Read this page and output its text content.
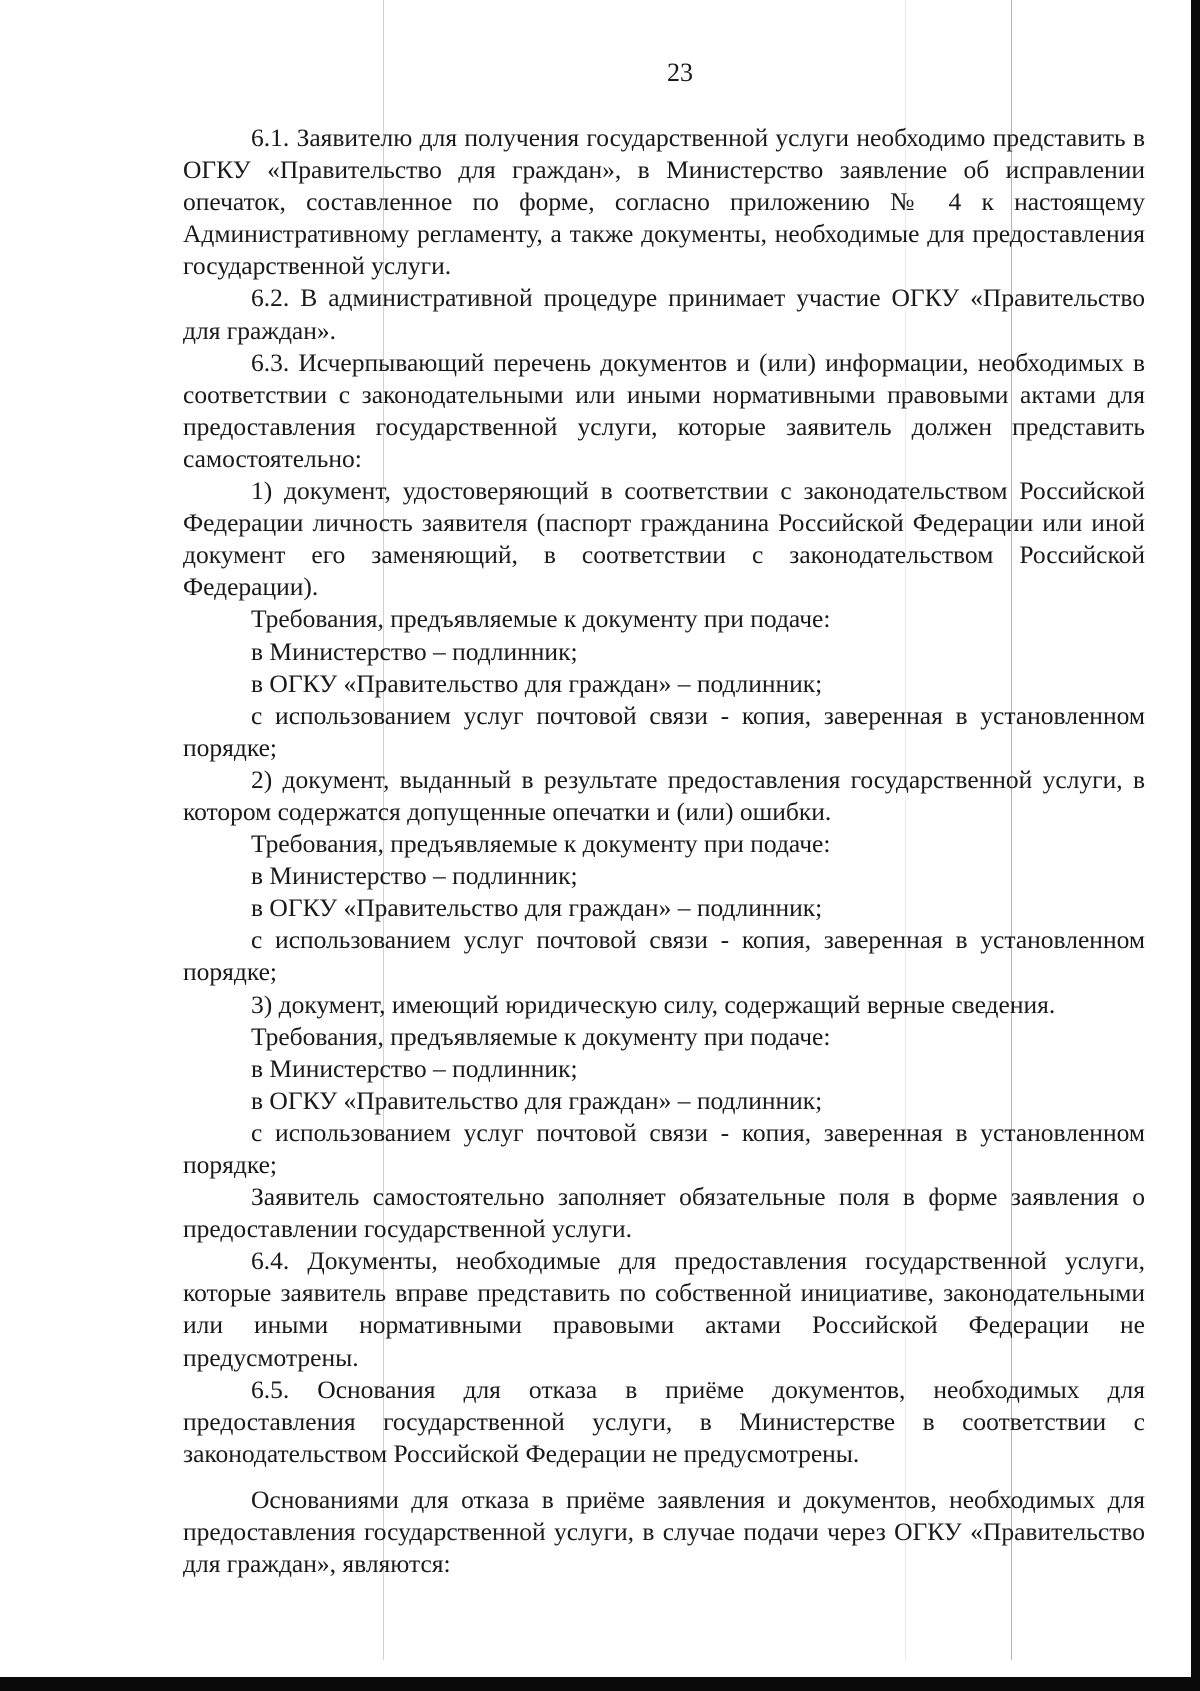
23

6.1. Заявителю для получения государственной услуги необходимо представить в ОГКУ «Правительство для граждан», в Министерство заявление об исправлении опечаток, составленное по форме, согласно приложению № 4 к настоящему Административному регламенту, а также документы, необходимые для предоставления государственной услуги.

6.2. В административной процедуре принимает участие ОГКУ «Правительство для граждан».

6.3. Исчерпывающий перечень документов и (или) информации, необходимых в соответствии с законодательными или иными нормативными правовыми актами для предоставления государственной услуги, которые заявитель должен представить самостоятельно:

1) документ, удостоверяющий в соответствии с законодательством Российской Федерации личность заявителя (паспорт гражданина Российской Федерации или иной документ его заменяющий, в соответствии с законодательством Российской Федерации).

Требования, предъявляемые к документу при подаче:

в Министерство – подлинник;

в ОГКУ «Правительство для граждан» – подлинник;

с использованием услуг почтовой связи - копия, заверенная в установленном порядке;

2) документ, выданный в результате предоставления государственной услуги, в котором содержатся допущенные опечатки и (или) ошибки.

Требования, предъявляемые к документу при подаче:

в Министерство – подлинник;

в ОГКУ «Правительство для граждан» – подлинник;

с использованием услуг почтовой связи - копия, заверенная в установленном порядке;

3) документ, имеющий юридическую силу, содержащий верные сведения.

Требования, предъявляемые к документу при подаче:

в Министерство – подлинник;

в ОГКУ «Правительство для граждан» – подлинник;

с использованием услуг почтовой связи - копия, заверенная в установленном порядке;

Заявитель самостоятельно заполняет обязательные поля в форме заявления о предоставлении государственной услуги.

6.4. Документы, необходимые для предоставления государственной услуги, которые заявитель вправе представить по собственной инициативе, законодательными или иными нормативными правовыми актами Российской Федерации не предусмотрены.

6.5. Основания для отказа в приёме документов, необходимых для предоставления государственной услуги, в Министерстве в соответствии с законодательством Российской Федерации не предусмотрены.

Основаниями для отказа в приёме заявления и документов, необходимых для предоставления государственной услуги, в случае подачи через ОГКУ «Правительство для граждан», являются:
